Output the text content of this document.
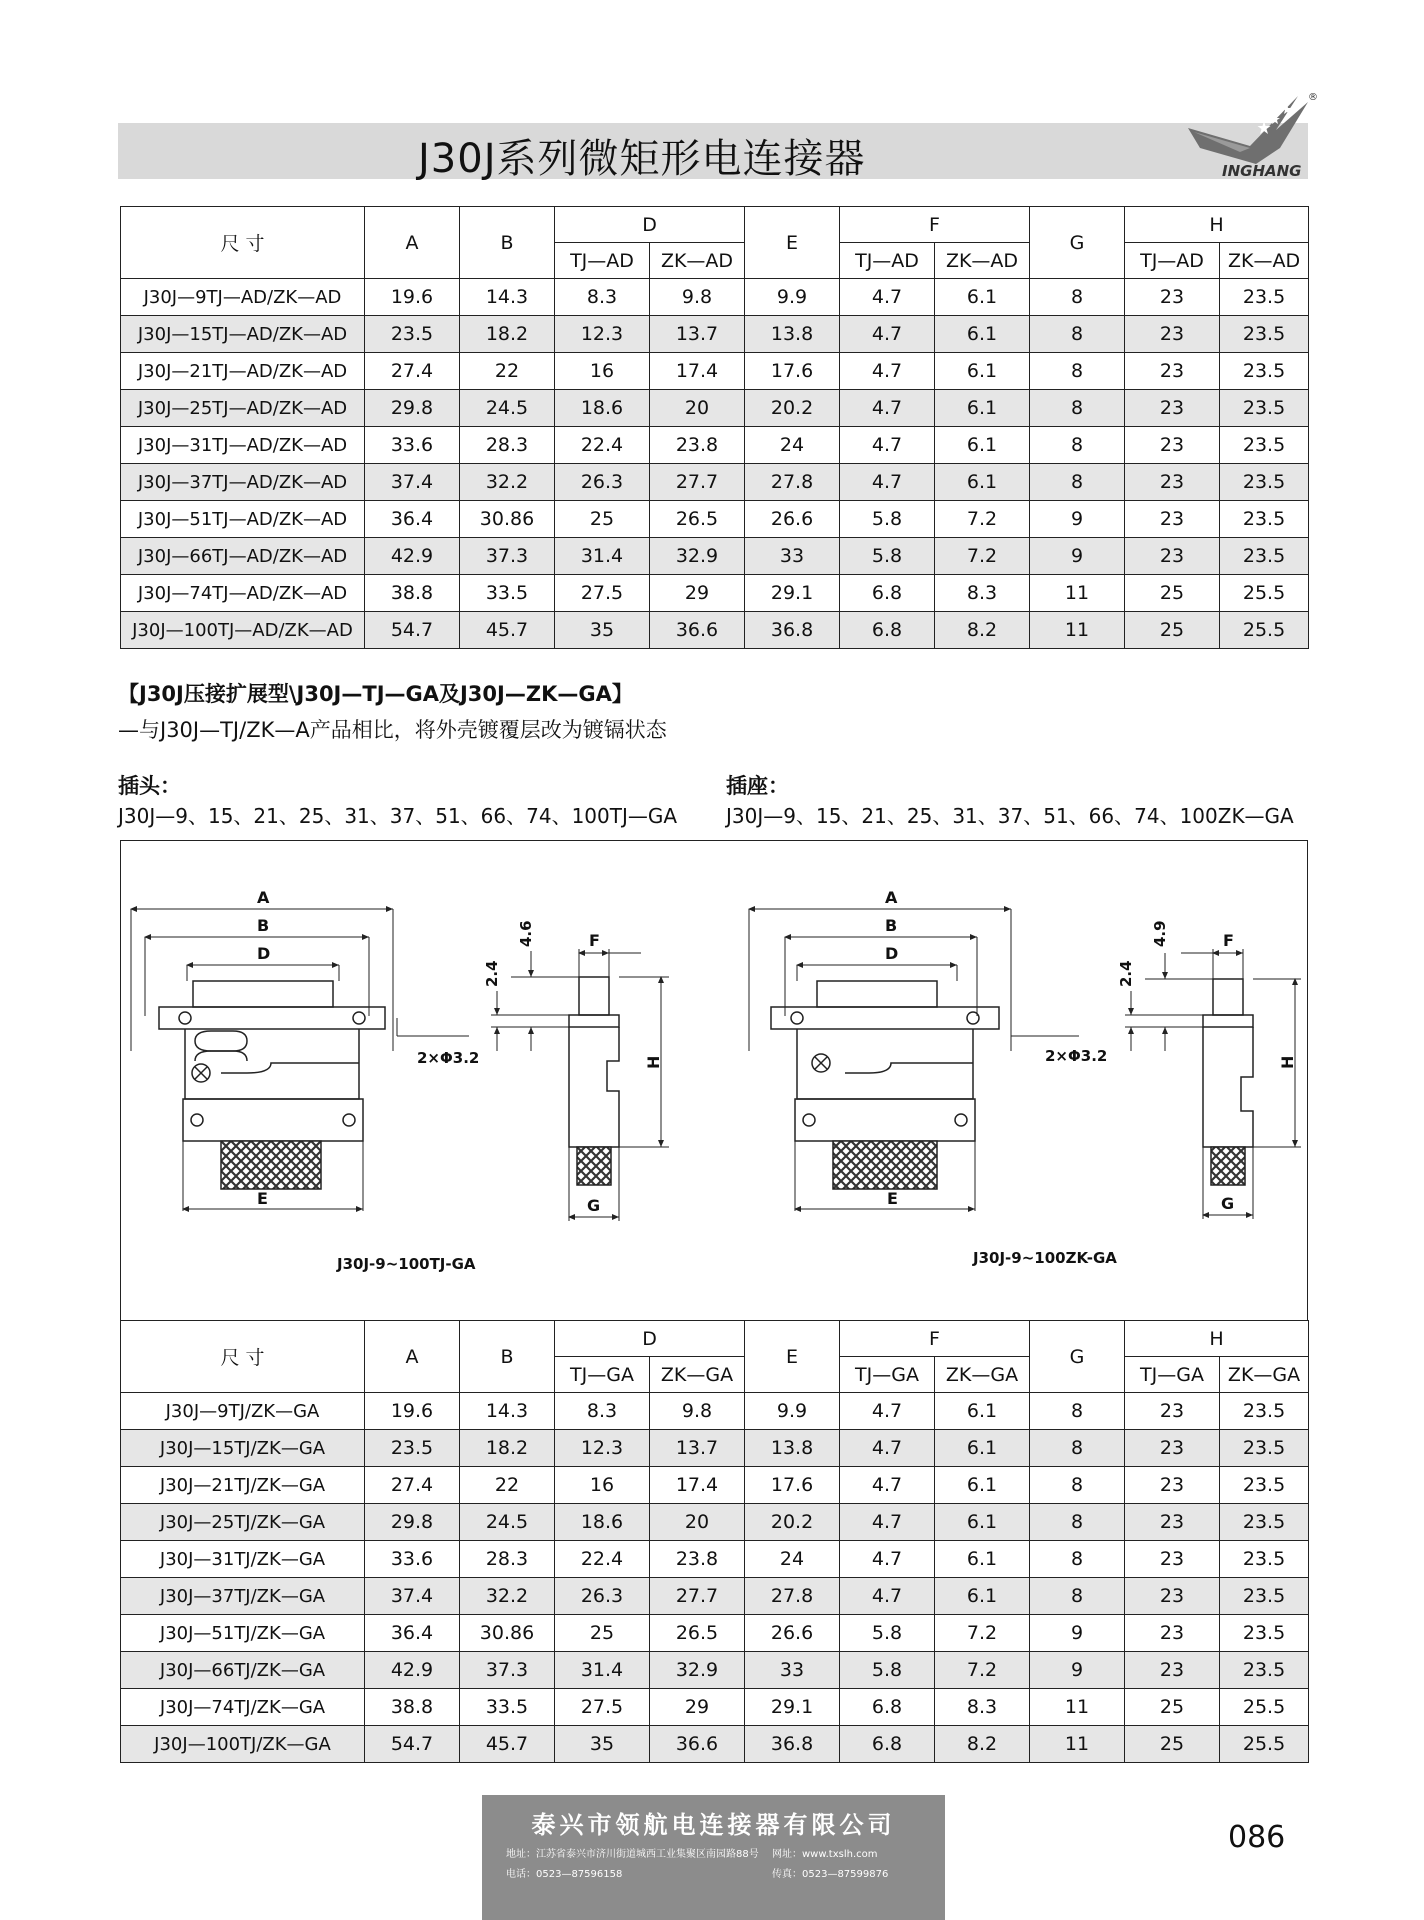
J30J系列微矩形电连接器	INGHANG
®
尺 寸	A	B	D		E	F		G	H	
			TJ—AD	ZK—AD		TJ—AD	ZK—AD		TJ—AD	ZK—AD
J30J—9TJ—AD/ZK—AD	19.6	14.3	8.3	9.8	9.9	4.7	6.1	8	23	23.5
J30J—15TJ—AD/ZK—AD	23.5	18.2	12.3	13.7	13.8	4.7	6.1	8	23	23.5
J30J—21TJ—AD/ZK—AD	27.4	22	16	17.4	17.6	4.7	6.1	8	23	23.5
J30J—25TJ—AD/ZK—AD	29.8	24.5	18.6	20	20.2	4.7	6.1	8	23	23.5
J30J—31TJ—AD/ZK—AD	33.6	28.3	22.4	23.8	24	4.7	6.1	8	23	23.5
J30J—37TJ—AD/ZK—AD	37.4	32.2	26.3	27.7	27.8	4.7	6.1	8	23	23.5
J30J—51TJ—AD/ZK—AD	36.4	30.86	25	26.5	26.6	5.8	7.2	9	23	23.5
J30J—66TJ—AD/ZK—AD	42.9	37.3	31.4	32.9	33	5.8	7.2	9	23	23.5
J30J—74TJ—AD/ZK—AD	38.8	33.5	27.5	29	29.1	6.8	8.3	11	25	25.5
J30J—100TJ—AD/ZK—AD	54.7	45.7	35	36.6	36.8	6.8	8.2	11	25	25.5
【J30J压接扩展型\J30J—TJ—GA及J30J—ZK—GA】
—与J30J—TJ/ZK—A产品相比，将外壳镀覆层改为镀镉状态
插头：
J30J—9、15、21、25、31、37、51、66、74、100TJ—GA
插座：
J30J—9、15、21、25、31、37、51、66、74、100ZK—GA
A
B
D
E
F
G
H
2.4
4.6
2×Φ3.2
J30J-9~100TJ-GA
A
B
D
E
F
G
H
2.4
4.9
2×Φ3.2
J30J-9~100ZK-GA
尺 寸	A	B	D		E	F		G	H	
			TJ—GA	ZK—GA		TJ—GA	ZK—GA		TJ—GA	ZK—GA
J30J—9TJ/ZK—GA	19.6	14.3	8.3	9.8	9.9	4.7	6.1	8	23	23.5
J30J—15TJ/ZK—GA	23.5	18.2	12.3	13.7	13.8	4.7	6.1	8	23	23.5
J30J—21TJ/ZK—GA	27.4	22	16	17.4	17.6	4.7	6.1	8	23	23.5
J30J—25TJ/ZK—GA	29.8	24.5	18.6	20	20.2	4.7	6.1	8	23	23.5
J30J—31TJ/ZK—GA	33.6	28.3	22.4	23.8	24	4.7	6.1	8	23	23.5
J30J—37TJ/ZK—GA	37.4	32.2	26.3	27.7	27.8	4.7	6.1	8	23	23.5
J30J—51TJ/ZK—GA	36.4	30.86	25	26.5	26.6	5.8	7.2	9	23	23.5
J30J—66TJ/ZK—GA	42.9	37.3	31.4	32.9	33	5.8	7.2	9	23	23.5
J30J—74TJ/ZK—GA	38.8	33.5	27.5	29	29.1	6.8	8.3	11	25	25.5
J30J—100TJ/ZK—GA	54.7	45.7	35	36.6	36.8	6.8	8.2	11	25	25.5
泰兴市领航电连接器有限公司
地址：江苏省泰兴市济川街道城西工业集聚区南园路88号 网址：www.txslh.com
电话：0523—87596158	传真：0523—87599876
086
